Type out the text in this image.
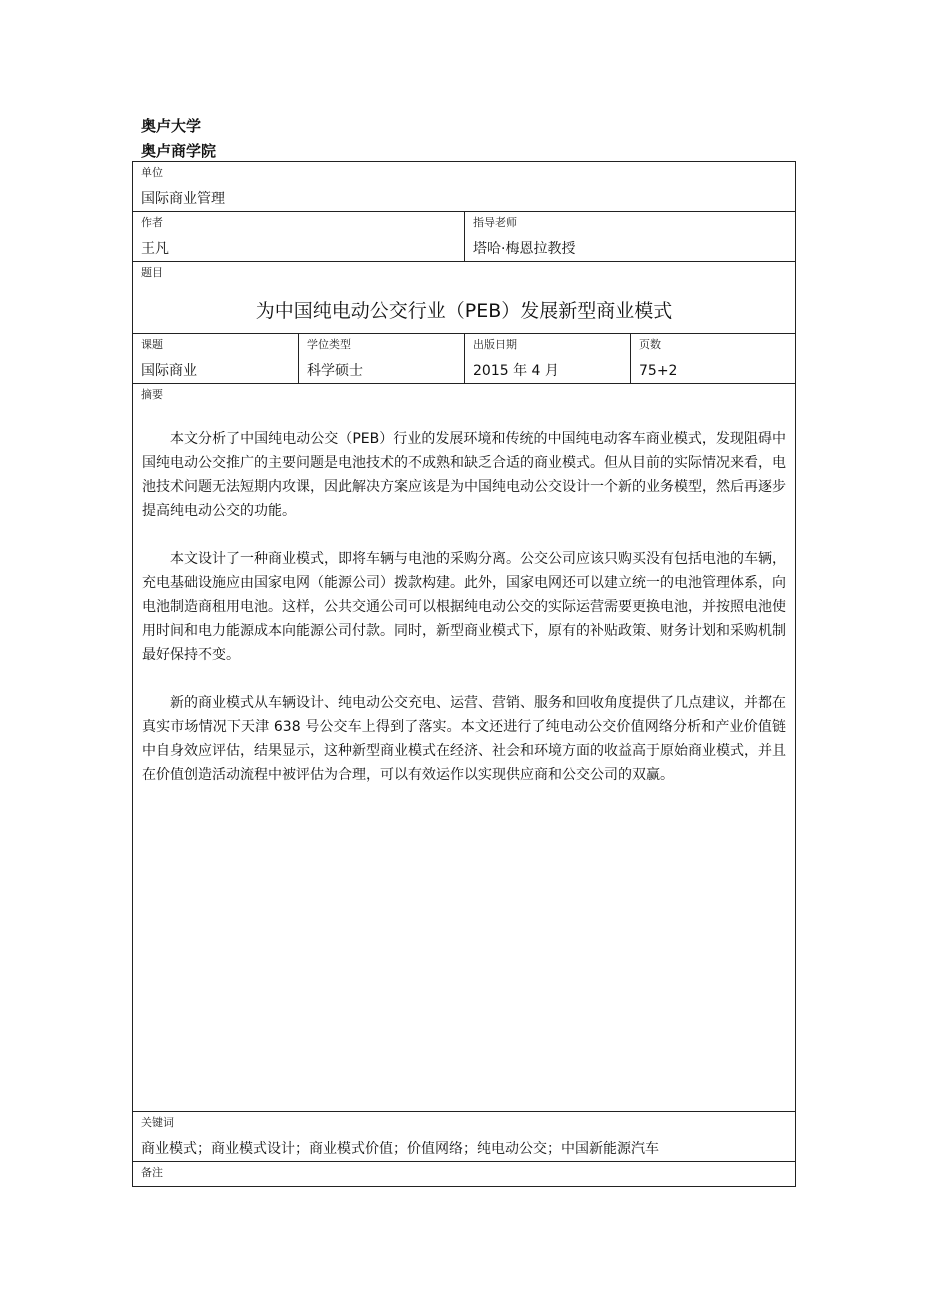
奥卢大学
奥卢商学院
单位
国际商业管理
作者
王凡
指导老师
塔哈·梅恩拉教授
题目
为中国纯电动公交行业（PEB）发展新型商业模式
课题
国际商业
学位类型
科学硕士
出版日期
2015 年 4 月
页数
75+2
摘要

本文分析了中国纯电动公交（PEB）行业的发展环境和传统的中国纯电动客车商业模式，发现阻碍中国纯电动公交推广的主要问题是电池技术的不成熟和缺乏合适的商业模式。但从目前的实际情况来看，电池技术问题无法短期内攻课，因此解决方案应该是为中国纯电动公交设计一个新的业务模型，然后再逐步提高纯电动公交的功能。

本文设计了一种商业模式，即将车辆与电池的采购分离。公交公司应该只购买没有包括电池的车辆，充电基础设施应由国家电网（能源公司）拨款构建。此外，国家电网还可以建立统一的电池管理体系，向电池制造商租用电池。这样，公共交通公司可以根据纯电动公交的实际运营需要更换电池，并按照电池使用时间和电力能源成本向能源公司付款。同时，新型商业模式下，原有的补贴政策、财务计划和采购机制最好保持不变。

新的商业模式从车辆设计、纯电动公交充电、运营、营销、服务和回收角度提供了几点建议，并都在真实市场情况下天津 638 号公交车上得到了落实。本文还进行了纯电动公交价值网络分析和产业价值链中自身效应评估，结果显示，这种新型商业模式在经济、社会和环境方面的收益高于原始商业模式，并且在价值创造活动流程中被评估为合理，可以有效运作以实现供应商和公交公司的双赢。

关键词
商业模式；商业模式设计；商业模式价值；价值网络；纯电动公交；中国新能源汽车
备注
